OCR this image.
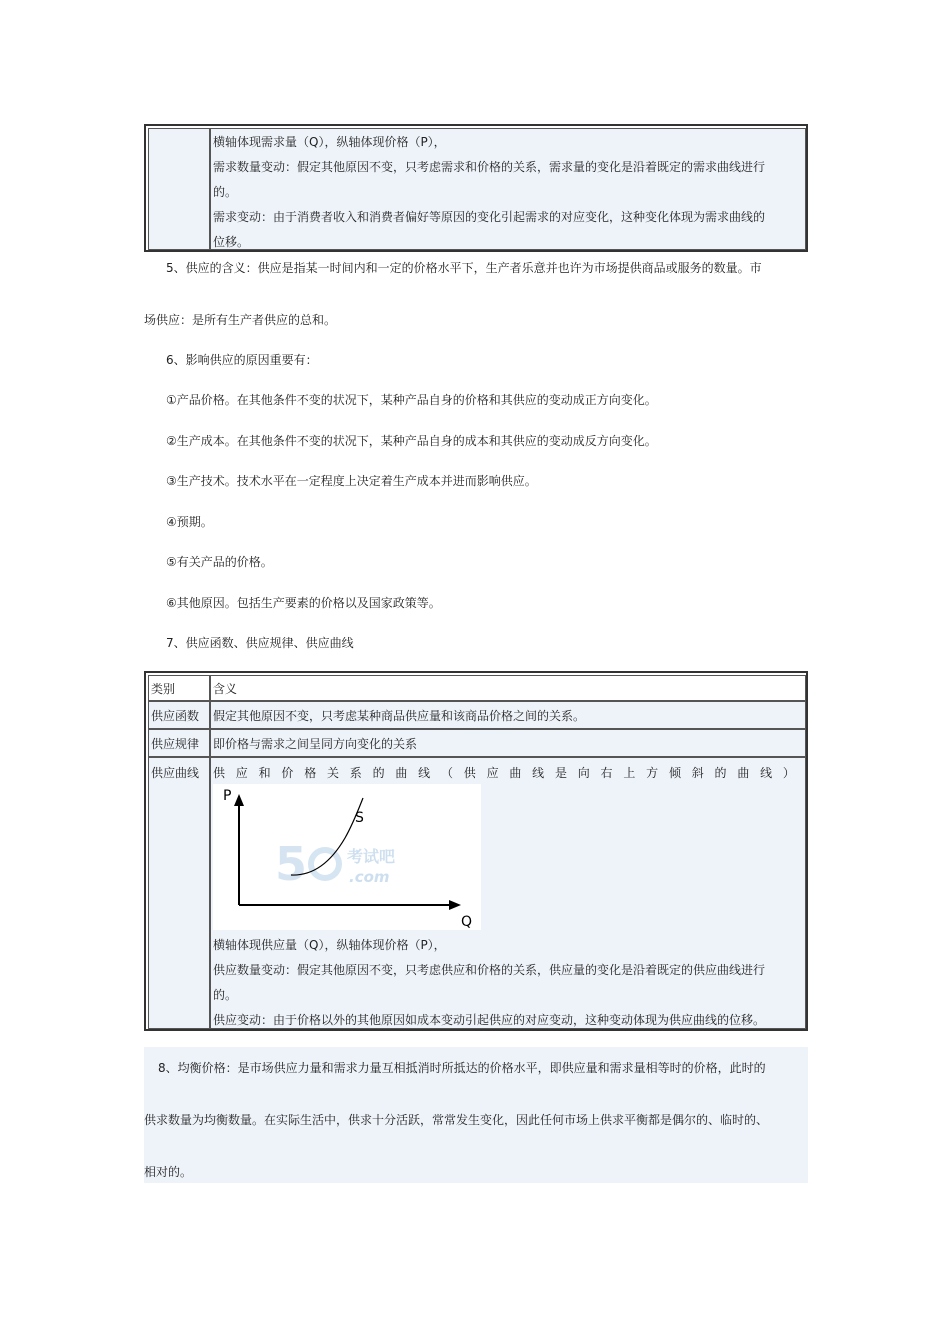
横轴体现需求量（Q），纵轴体现价格（P），
需求数量变动：假定其他原因不变，只考虑需求和价格的关系，需求量的变化是沿着既定的需求曲线进行
的。
需求变动：由于消费者收入和消费者偏好等原因的变化引起需求的对应变化，这种变化体现为需求曲线的
位移。
5、供应的含义：供应是指某一时间内和一定的价格水平下，生产者乐意并也许为市场提供商品或服务的数量。市
场供应：是所有生产者供应的总和。
6、影响供应的原因重要有：
①产品价格。在其他条件不变的状况下，某种产品自身的价格和其供应的变动成正方向变化。
②生产成本。在其他条件不变的状况下，某种产品自身的成本和其供应的变动成反方向变化。
③生产技术。技术水平在一定程度上决定着生产成本并进而影响供应。
④预期。
⑤有关产品的价格。
⑥其他原因。包括生产要素的价格以及国家政策等。
7、供应函数、供应规律、供应曲线
类别	含义
供应函数 假定其他原因不变，只考虑某种商品供应量和该商品价格之间的关系。
供应规律 即价格与需求之间呈同方向变化的关系
供应曲线 供 应 和 价 格 关 系 的 曲 线 （ 供 应 曲 线 是 向 右 上 方 倾 斜 的 曲 线 ）
5 考试吧
.com
P
Q
S
横轴体现供应量（Q），纵轴体现价格（P），
供应数量变动：假定其他原因不变，只考虑供应和价格的关系，供应量的变化是沿着既定的供应曲线进行
的。
供应变动：由于价格以外的其他原因如成本变动引起供应的对应变动，这种变动体现为供应曲线的位移。
8、均衡价格：是市场供应力量和需求力量互相抵消时所抵达的价格水平，即供应量和需求量相等时的价格，此时的
供求数量为均衡数量。在实际生活中，供求十分活跃，常常发生变化，因此任何市场上供求平衡都是偶尔的、临时的、
相对的。
